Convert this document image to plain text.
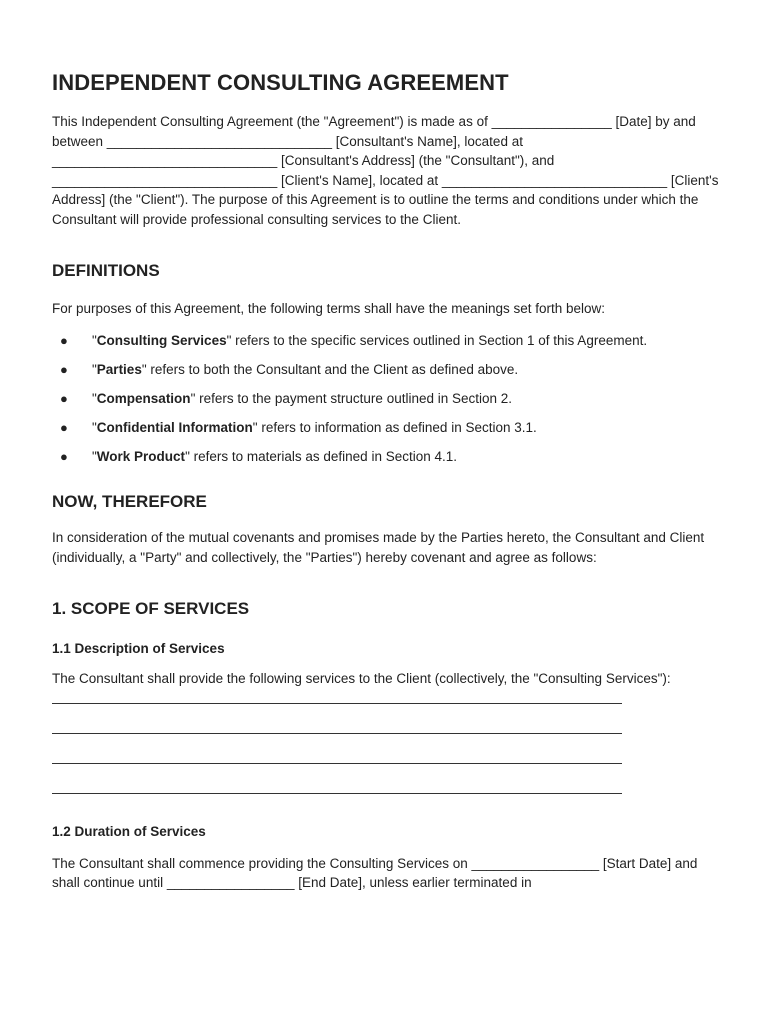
INDEPENDENT CONSULTING AGREEMENT

This Independent Consulting Agreement (the "Agreement") is made as of ________________ [Date] by and between ______________________________ [Consultant's Name], located at ______________________________ [Consultant's Address] (the "Consultant"), and ______________________________ [Client's Name], located at ______________________________ [Client's Address] (the "Client"). The purpose of this Agreement is to outline the terms and conditions under which the Consultant will provide professional consulting services to the Client.

DEFINITIONS

For purposes of this Agreement, the following terms shall have the meanings set forth below:

● "Consulting Services" refers to the specific services outlined in Section 1 of this Agreement.
● "Parties" refers to both the Consultant and the Client as defined above.
● "Compensation" refers to the payment structure outlined in Section 2.
● "Confidential Information" refers to information as defined in Section 3.1.
● "Work Product" refers to materials as defined in Section 4.1.
NOW, THEREFORE

In consideration of the mutual covenants and promises made by the Parties hereto, the Consultant and Client (individually, a "Party" and collectively, the "Parties") hereby covenant and agree as follows:

1. SCOPE OF SERVICES
1.1 Description of Services

The Consultant shall provide the following services to the Client (collectively, the "Consulting Services"):

1.2 Duration of Services

The Consultant shall commence providing the Consulting Services on _________________ [Start Date] and shall continue until _________________ [End Date], unless earlier terminated in
